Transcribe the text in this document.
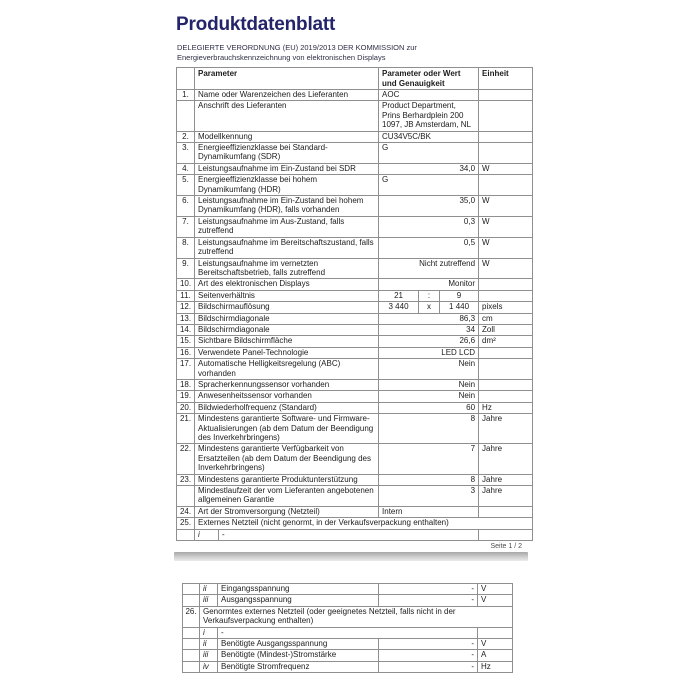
Produktdatenblatt
DELEGIERTE VERORDNUNG (EU) 2019/2013 DER KOMMISSION zur
Energieverbrauchskennzeichnung von elektronischen Displays
	Parameter		Parameter oder Wert und Genauigkeit			Einheit
1.	Name oder Warenzeichen des Lieferanten		AOC			
	Anschrift des Lieferanten		Product Department, Prins Berhardplein 200 1097, JB Amsterdam, NL			
2.	Modellkennung		CU34V5C/BK			
3.	Energieeffizienzklasse bei Standard-Dynamikumfang (SDR)		G			
4.	Leistungsaufnahme im Ein-Zustand bei SDR		34,0			W
5.	Energieeffizienzklasse bei hohem Dynamikumfang (HDR)		G			
6.	Leistungsaufnahme im Ein-Zustand bei hohem Dynamikumfang (HDR), falls vorhanden		35,0			W
7.	Leistungsaufnahme im Aus-Zustand, falls zutreffend		0,3			W
8.	Leistungsaufnahme im Bereitschaftszustand, falls zutreffend		0,5			W
9.	Leistungsaufnahme im vernetzten Bereitschaftsbetrieb, falls zutreffend		Nicht zutreffend			W
10.	Art des elektronischen Displays		Monitor			
11.	Seitenverhältnis		21	:	9	
12.	Bildschirmauflösung		3 440	x	1 440	pixels
13.	Bildschirmdiagonale		86,3			cm
14.	Bildschirmdiagonale		34			Zoll
15.	Sichtbare Bildschirmfläche		26,6			dm²
16.	Verwendete Panel-Technologie		LED LCD			
17.	Automatische Helligkeitsregelung (ABC) vorhanden		Nein			
18.	Spracherkennungssensor vorhanden		Nein			
19.	Anwesenheitssensor vorhanden		Nein			
20.	Bildwiederholfrequenz (Standard)		60			Hz
21.	Mindestens garantierte Software- und Firmware-Aktualisierungen (ab dem Datum der Beendigung des Inverkehrbringens)		8			Jahre
22.	Mindestens garantierte Verfügbarkeit von Ersatzteilen (ab dem Datum der Beendigung des Inverkehrbringens)		7			Jahre
23.	Mindestens garantierte Produktunterstützung		8			Jahre
	Mindestlaufzeit der vom Lieferanten angebotenen allgemeinen Garantie		3			Jahre
24.	Art der Stromversorgung (Netzteil)		Intern			
25.	Externes Netzteil (nicht genormt, in der Verkaufsverpackung enthalten)					
	i	-				
Seite 1 / 2
	ii	Eingangsspannung	-	V
	iii	Ausgangsspannung	-	V
26.	Genormtes externes Netzteil (oder geeignetes Netzteil, falls nicht in der Verkaufsverpackung enthalten)			
	i	-		
	ii	Benötigte Ausgangsspannung	-	V
	iii	Benötigte (Mindest-)Stromstärke	-	A
	iv	Benötigte Stromfrequenz	-	Hz
